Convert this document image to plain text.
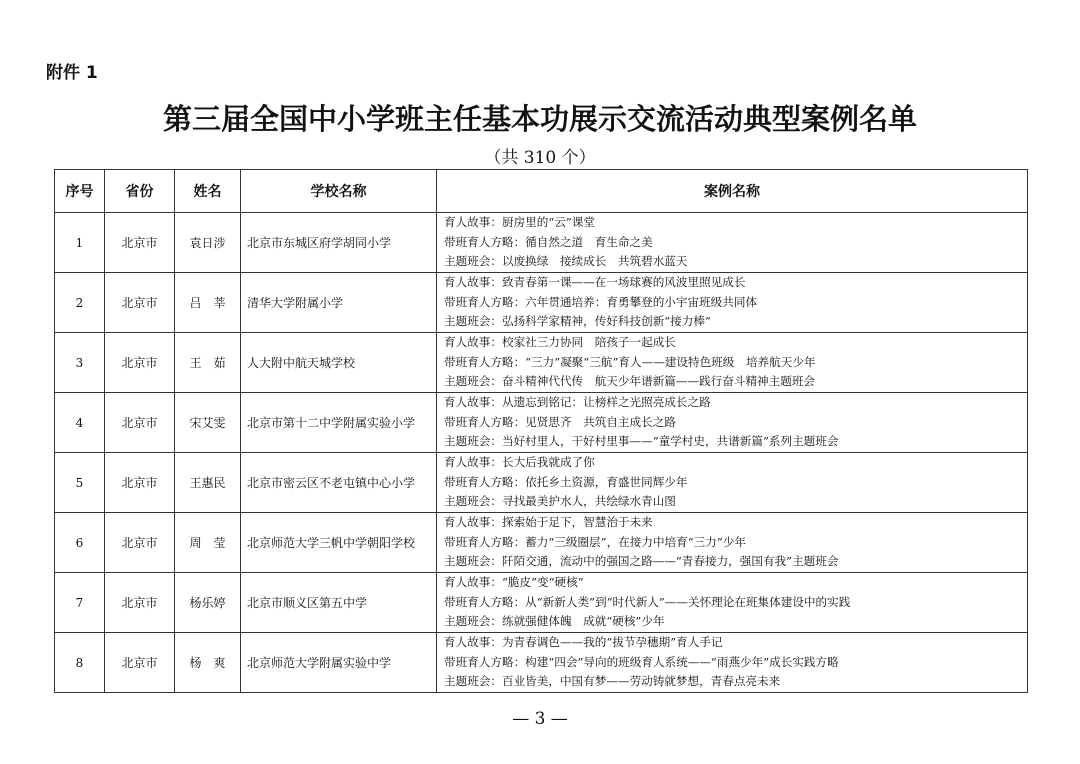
附件 1
第三届全国中小学班主任基本功展示交流活动典型案例名单
（共 310 个）
序号	省份	姓名	学校名称	案例名称
1	北京市	袁日涉	北京市东城区府学胡同小学	育人故事：厨房里的“云”课堂
带班育人方略：循自然之道　育生命之美
主题班会：以废换绿　接续成长　共筑碧水蓝天

2	北京市	吕　莘	清华大学附属小学	育人故事：致青春第一课——在一场球赛的风波里照见成长
带班育人方略：六年贯通培养：育勇攀登的小宇宙班级共同体
主题班会：弘扬科学家精神，传好科技创新“接力棒”

3	北京市	王　茹	人大附中航天城学校	育人故事：校家社三力协同　陪孩子一起成长
带班育人方略：“三力”凝聚“三航”育人——建设特色班级　培养航天少年
主题班会：奋斗精神代代传　航天少年谱新篇——践行奋斗精神主题班会

4	北京市	宋艾雯	北京市第十二中学附属实验小学	育人故事：从遗忘到铭记：让榜样之光照亮成长之路
带班育人方略：见贤思齐　共筑自主成长之路
主题班会：当好村里人，干好村里事——“童学村史，共谱新篇”系列主题班会

5	北京市	王惠民	北京市密云区不老屯镇中心小学	育人故事：长大后我就成了你
带班育人方略：依托乡土资源，育盛世同辉少年
主题班会：寻找最美护水人，共绘绿水青山图

6	北京市	周　莹	北京师范大学三帆中学朝阳学校	育人故事：探索始于足下，智慧治于未来
带班育人方略：蓄力“三级圈层”，在接力中培育“三力”少年
主题班会：阡陌交通，流动中的强国之路——“青春接力，强国有我”主题班会

7	北京市	杨乐婷	北京市顺义区第五中学	育人故事：“脆皮”变“硬核”
带班育人方略：从“新新人类”到“时代新人”——关怀理论在班集体建设中的实践
主题班会：练就强健体魄　成就“硬核”少年

8	北京市	杨　爽	北京师范大学附属实验中学	育人故事：为青春调色——我的“拔节孕穗期”育人手记
带班育人方略：构建“四会”导向的班级育人系统——“雨燕少年”成长实践方略
主题班会：百业皆美，中国有梦——劳动铸就梦想，青春点亮未来
— 3 —
